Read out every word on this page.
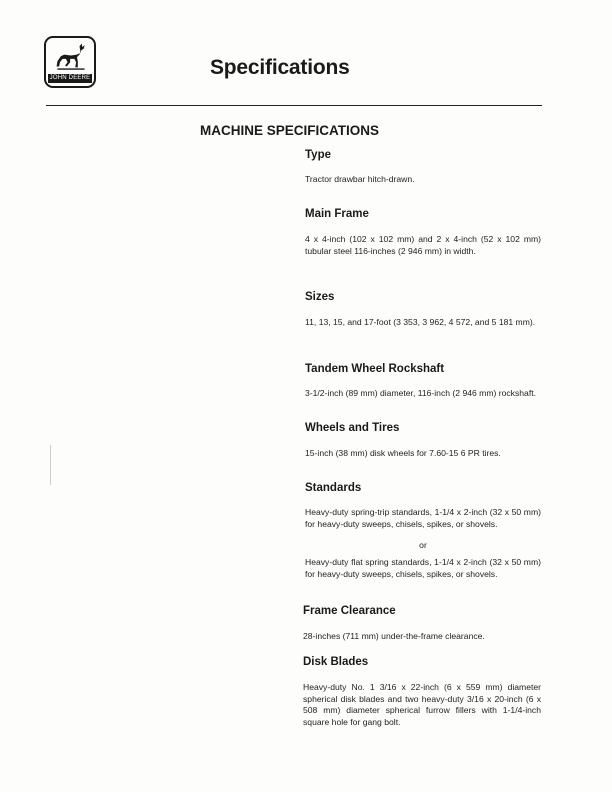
JOHN DEERE	Specifications
MACHINE SPECIFICATIONS
Type

Tractor drawbar hitch-drawn.

Main Frame

4 x 4-inch (102 x 102 mm) and 2 x 4-inch (52 x 102 mm) tubular steel 116-inches (2 946 mm) in width.

Sizes

11, 13, 15, and 17-foot (3 353, 3 962, 4 572, and 5 181 mm).

Tandem Wheel Rockshaft

3-1/2-inch (89 mm) diameter, 116-inch (2 946 mm) rockshaft.

Wheels and Tires

15-inch (38 mm) disk wheels for 7.60-15 6 PR tires.

Standards

Heavy-duty spring-trip standards, 1-1/4 x 2-inch (32 x 50 mm) for heavy-duty sweeps, chisels, spikes, or shovels.

or

Heavy-duty flat spring standards, 1-1/4 x 2-inch (32 x 50 mm) for heavy-duty sweeps, chisels, spikes, or shovels.

Frame Clearance

28-inches (711 mm) under-the-frame clearance.

Disk Blades

Heavy-duty No. 1 3/16 x 22-inch (6 x 559 mm) diameter spherical disk blades and two heavy-duty 3/16 x 20-inch (6 x 508 mm) diameter spherical furrow fillers with 1-1/4-inch square hole for gang bolt.
